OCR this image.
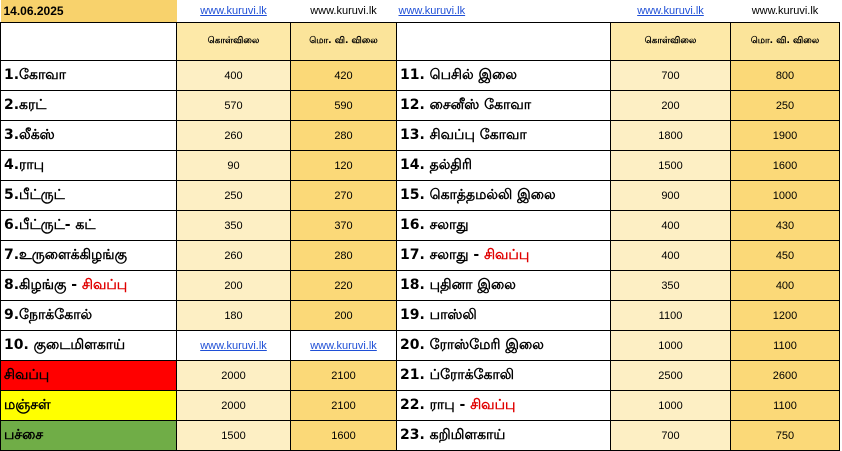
14.06.2025	www.kuruvi.lk	www.kuruvi.lk	www.kuruvi.lk	www.kuruvi.lk	www.kuruvi.lk
	கொள்விலை	மொ. வி. விலை		கொள்விலை	மொ. வி. விலை
1.கோவா	400	420	11. பெசில் இலை	700	800
2.கரட்	570	590	12. சைனீஸ் கோவா	200	250
3.லீக்ஸ்	260	280	13. சிவப்பு கோவா	1800	1900
4.ராபு	90	120	14. தல்திரி	1500	1600
5.பீட்ருட்	250	270	15. கொத்தமல்லி இலை	900	1000
6.பீட்ருட்- கட்	350	370	16. சலாது	400	430
7.உருளைக்கிழங்கு	260	280	17. சலாது - சிவப்பு	400	450
8.கிழங்கு - சிவப்பு	200	220	18. புதினா இலை	350	400
9.நோக்கோல்	180	200	19. பாஸ்லி	1100	1200
10. குடைமிளகாய்	www.kuruvi.lk	www.kuruvi.lk	20. ரோஸ்மேரி இலை	1000	1100
சிவப்பு	2000	2100	21. ப்ரோக்கோலி	2500	2600
மஞ்சள்	2000	2100	22. ராபு - சிவப்பு	1000	1100
பச்சை	1500	1600	23. கறிமிளகாய்	700	750
